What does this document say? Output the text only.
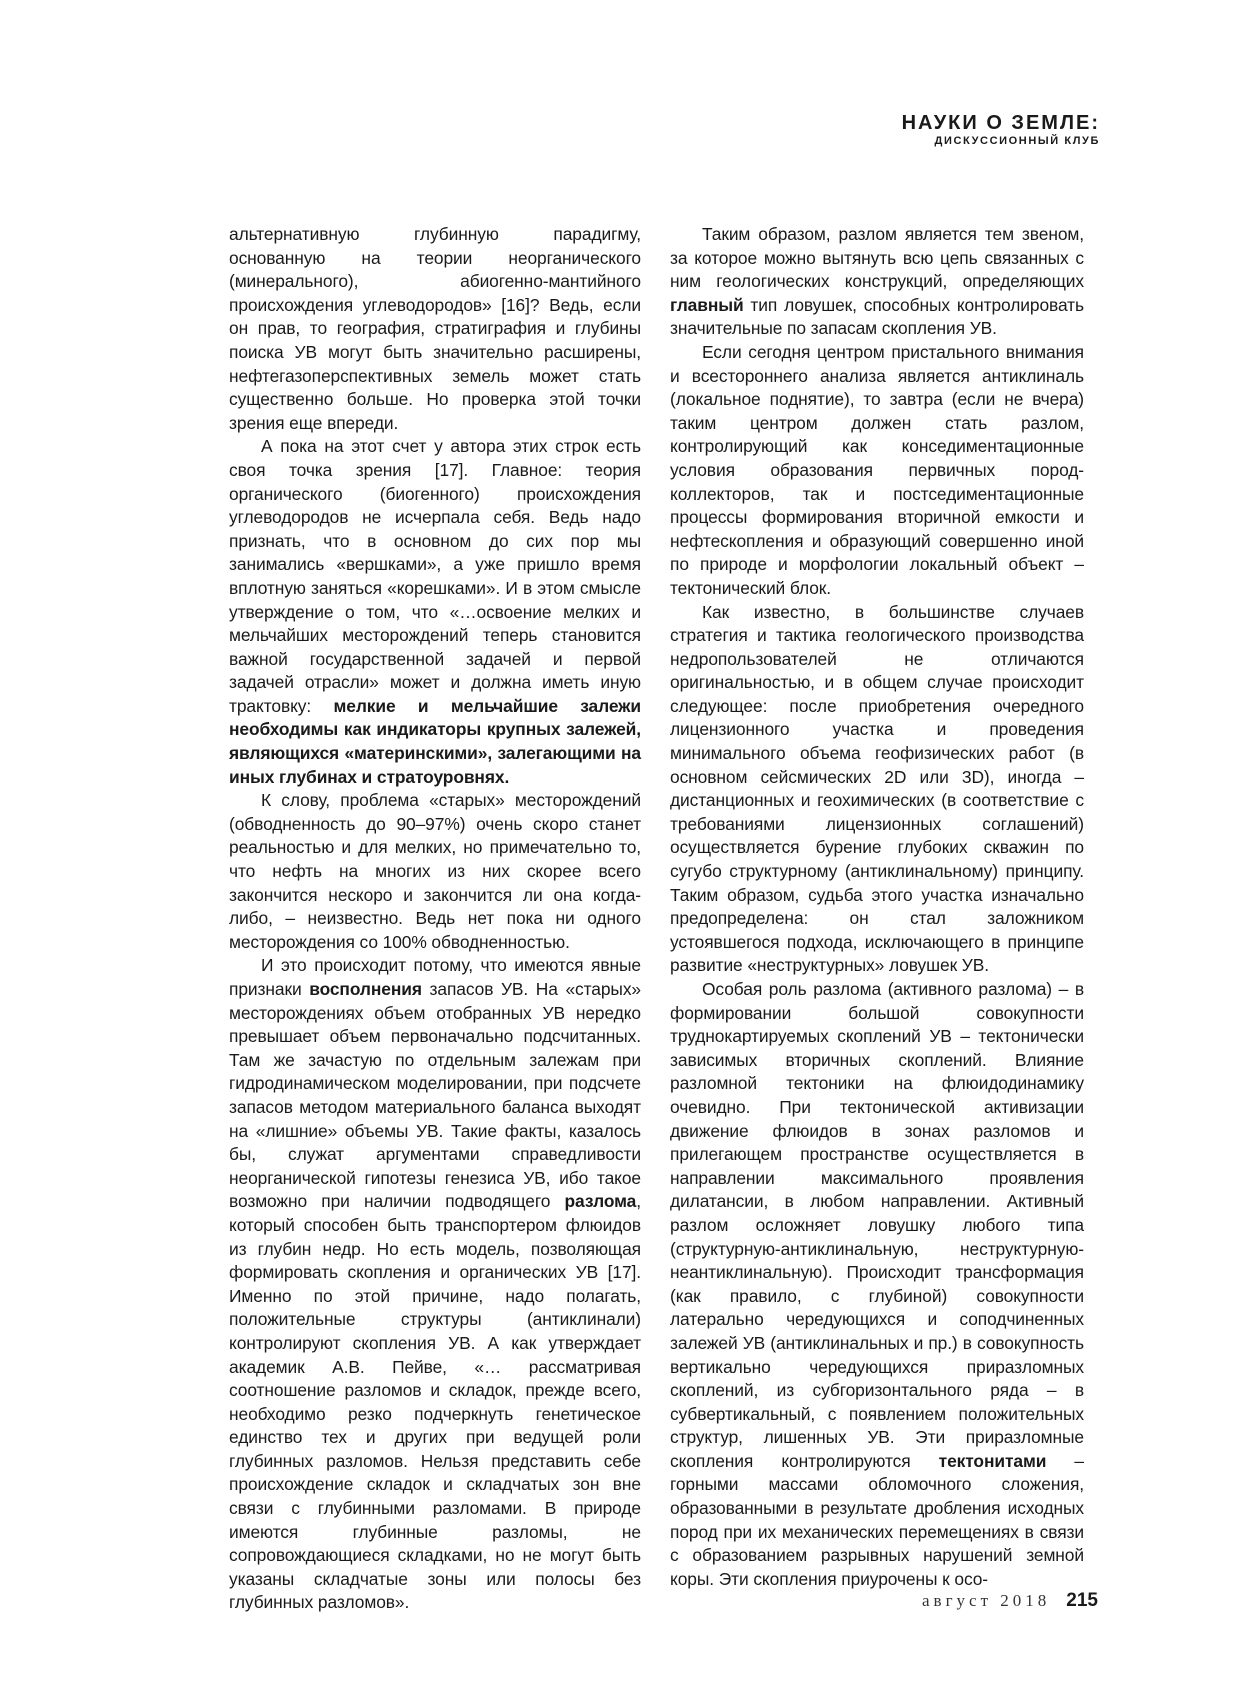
НАУКИ О ЗЕМЛЕ:
ДИСКУССИОННЫЙ КЛУБ

альтернативную глубинную парадигму, основанную на теории неорганического (минерального), абиогенно-мантийного происхождения углеводородов» [16]? Ведь, если он прав, то география, стратиграфия и глубины поиска УВ могут быть значительно расширены, нефтегазоперспективных земель может стать существенно больше. Но проверка этой точки зрения еще впереди.

А пока на этот счет у автора этих строк есть своя точка зрения [17]. Главное: теория органического (биогенного) происхождения углеводородов не исчерпала себя. Ведь надо признать, что в основном до сих пор мы занимались «вершками», а уже пришло время вплотную заняться «корешками». И в этом смысле утверждение о том, что «…освоение мелких и мельчайших месторождений теперь становится важной государственной задачей и первой задачей отрасли» может и должна иметь иную трактовку: мелкие и мельчайшие залежи необходимы как индикаторы крупных залежей, являющихся «материнскими», залегающими на иных глубинах и стратоуровнях.

К слову, проблема «старых» месторождений (обводненность до 90–97%) очень скоро станет реальностью и для мелких, но примечательно то, что нефть на многих из них скорее всего закончится нескоро и закончится ли она когда-либо, – неизвестно. Ведь нет пока ни одного месторождения со 100% обводненностью.

И это происходит потому, что имеются явные признаки восполнения запасов УВ. На «старых» месторождениях объем отобранных УВ нередко превышает объем первоначально подсчитанных. Там же зачастую по отдельным залежам при гидродинамическом моделировании, при подсчете запасов методом материального баланса выходят на «лишние» объемы УВ. Такие факты, казалось бы, служат аргументами справедливости неорганической гипотезы генезиса УВ, ибо такое возможно при наличии подводящего разлома, который способен быть транспортером флюидов из глубин недр. Но есть модель, позволяющая формировать скопления и органических УВ [17]. Именно по этой причине, надо полагать, положительные структуры (антиклинали) контролируют скопления УВ. А как утверждает академик А.В. Пейве, «… рассматривая соотношение разломов и складок, прежде всего, необходимо резко подчеркнуть генетическое единство тех и других при ведущей роли глубинных разломов. Нельзя представить себе происхождение складок и складчатых зон вне связи с глубинными разломами. В природе имеются глубинные разломы, не сопровождающиеся складками, но не могут быть указаны складчатые зоны или полосы без глубинных разломов».

Таким образом, разлом является тем звеном, за которое можно вытянуть всю цепь связанных с ним геологических конструкций, определяющих главный тип ловушек, способных контролировать значительные по запасам скопления УВ.

Если сегодня центром пристального внимания и всестороннего анализа является антиклиналь (локальное поднятие), то завтра (если не вчера) таким центром должен стать разлом, контролирующий как конседиментационные условия образования первичных пород-коллекторов, так и постседиментационные процессы формирования вторичной емкости и нефтескопления и образующий совершенно иной по природе и морфологии локальный объект – тектонический блок.

Как известно, в большинстве случаев стратегия и тактика геологического производства недропользователей не отличаются оригинальностью, и в общем случае происходит следующее: после приобретения очередного лицензионного участка и проведения минимального объема геофизических работ (в основном сейсмических 2D или 3D), иногда – дистанционных и геохимических (в соответствие с требованиями лицензионных соглашений) осуществляется бурение глубоких скважин по сугубо структурному (антиклинальному) принципу. Таким образом, судьба этого участка изначально предопределена: он стал заложником устоявшегося подхода, исключающего в принципе развитие «неструктурных» ловушек УВ.

Особая роль разлома (активного разлома) – в формировании большой совокупности труднокартируемых скоплений УВ – тектонически зависимых вторичных скоплений. Влияние разломной тектоники на флюидодинамику очевидно. При тектонической активизации движение флюидов в зонах разломов и прилегающем пространстве осуществляется в направлении максимального проявления дилатансии, в любом направлении. Активный разлом осложняет ловушку любого типа (структурную-антиклинальную, неструктурную-неантиклинальную). Происходит трансформация (как правило, с глубиной) совокупности латерально чередующихся и соподчиненных залежей УВ (антиклинальных и пр.) в совокупность вертикально чередующихся приразломных скоплений, из субгоризонтального ряда – в субвертикальный, с появлением положительных структур, лишенных УВ. Эти приразломные скопления контролируются тектонитами – горными массами обломочного сложения, образованными в результате дробления исходных пород при их механических перемещениях в связи с образованием разрывных нарушений земной коры. Эти скопления приурочены к осо-

август 2018 215
